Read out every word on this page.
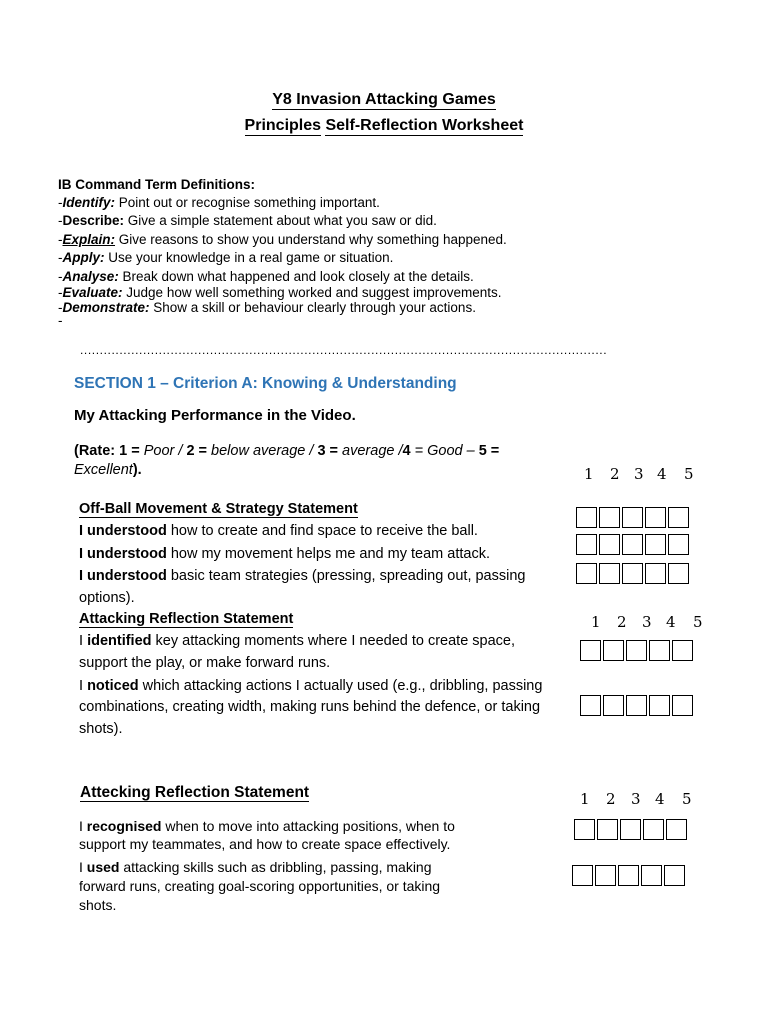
Y8 Invasion Attacking Games
Principles Self-Reflection Worksheet
IB Command Term Definitions:
-Identify: Point out or recognise something important.
-Describe: Give a simple statement about what you saw or did.
-Explain: Give reasons to show you understand why something happened.
-Apply: Use your knowledge in a real game or situation.
-Analyse: Break down what happened and look closely at the details.
-Evaluate: Judge how well something worked and suggest improvements.
-Demonstrate: Show a skill or behaviour clearly through your actions.
-
......................................................................................................................................
SECTION 1 – Criterion A: Knowing & Understanding
My Attacking Performance in the Video.
(Rate: 1 = Poor / 2 = below average / 3 = average /4 = Good – 5 =
Excellent).	1 2 3 4 5
Off-Ball Movement & Strategy Statement
I understood how to create and find space to receive the ball.
I understood how my movement helps me and my team attack.
I understood basic team strategies (pressing, spreading out, passing
options).
1 2 3 4 5
Attacking Reflection Statement
I identified key attacking moments where I needed to create space,
support the play, or make forward runs.
I noticed which attacking actions I actually used (e.g., dribbling, passing
combinations, creating width, making runs behind the defence, or taking
shots).
Attecking Reflection Statement	1 2 3 4 5
I recognised when to move into attacking positions, when to
support my teammates, and how to create space effectively.
I used attacking skills such as dribbling, passing, making
forward runs, creating goal-scoring opportunities, or taking
shots.
